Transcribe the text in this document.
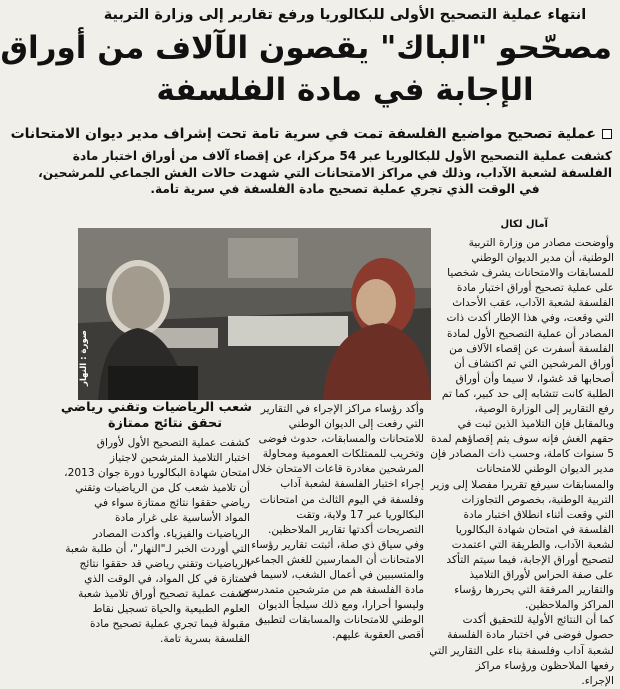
انتهاء عملية التصحيح الأولى للبكالوريا ورفع تقارير إلى وزارة التربية
مصحّحو "الباك" يقصون الآلاف من أوراق
الإجابة في مادة الفلسفة
عملية تصحيح مواضيع الفلسفة تمت في سرية تامة تحت إشراف مدير ديوان الامتحانات
كشفت عملية التصحيح الأول للبكالوريا عبر 54 مركزا، عن إقصاء آلاف من أوراق اختبار مادة
الفلسفة لشعبة الآداب، وذلك في مراكز الامتحانات التي شهدت حالات الغش الجماعي للمرشحين،
في الوقت الذي تجري عملية تصحيح مادة الفلسفة في سرية تامة.
آمال لكال
وأوضحت مصادر من وزارة التربية
الوطنية، أن مدير الديوان الوطني
للمسابقات والامتحانات يشرف شخصيا
على عملية تصحيح أوراق اختبار مادة
الفلسفة لشعبة الآداب، عقب الأحداث
التي وقعت، وفي هذا الإطار أكدت ذات
المصادر أن عملية التصحيح الأول لمادة
الفلسفة أسفرت عن إقصاء الآلاف من
أوراق المرشحين التي تم اكتشاف أن
أصحابها قد غشوا، لا سيما وأن أوراق
الطلبة كانت تتشابه إلى حد كبير، كما تم
رفع التقارير إلى الوزارة الوصية،
وبالمقابل فإن التلاميذ الذين ثبت في
حقهم الغش فإنه سوف يتم إقصاؤهم لمدة
5 سنوات كاملة، وحسب ذات المصادر فإن
مدير الديوان الوطني للامتحانات
والمسابقات سيرفع تقريرا مفصلا إلى وزير
التربية الوطنية، بخصوص التجاوزات
التي وقعت أثناء انطلاق اختبار مادة
الفلسفة في امتحان شهادة البكالوريا
لشعبة الآداب، والطريقة التي اعتمدت
لتصحيح أوراق الإجابة، فيما سيتم التأكد
على صفة الحراس لأوراق التلاميذ
والتقارير المرفقة التي يحررها رؤساء
المراكز والملاحظين.
كما أن النتائج الأولية للتحقيق أكدت
حصول فوضى في اختبار مادة الفلسفة
لشعبة آداب وفلسفة بناء على التقارير التي
رفعها الملاحظون ورؤساء مراكز
الإجراء.
صورة : النهار
وأكد رؤساء مراكز الإجراء في التقارير
التي رفعت إلى الديوان الوطني
للامتحانات والمسابقات، حدوث فوضى
وتخريب للممتلكات العمومية ومحاولة
المرشحين مغادرة قاعات الامتحان خلال
إجراء اختبار الفلسفة لشعبة آداب
وفلسفة في اليوم الثالث من امتحانات
البكالوريا عبر 17 ولاية، وتقت
التصريحات أكدتها تقارير الملاحظين.
وفي سياق ذي صلة، أثبتت تقارير رؤساء
الامتحانات أن الممارسين للغش الجماعي
والمتسببين في أعمال الشغب، لاسيما في
مادة الفلسفة هم من مترشحين متمدرسين
وليسوا أحرارا، ومع ذلك سيلجأ الديوان
الوطني للامتحانات والمسابقات لتطبيق
أقصى العقوبة عليهم.
شعب الرياضيات وتقني رياضي
تحقق نتائج ممتازة
كشفت عملية التصحيح الأول لأوراق
اختبار التلاميذ المترشحين لاجتياز
امتحان شهادة البكالوريا دورة جوان 2013،
أن تلاميذ شعب كل من الرياضيات وتقني
رياضي حققوا نتائج ممتازة سواء في
المواد الأساسية على غرار مادة
الرياضيات والفيزياء. وأكدت المصادر
التي أوردت الخبر لـ"النهار"، أن طلبة شعبة
الرياضيات وتقني رياضي قد حققوا نتائج
ممتازة في كل المواد، في الوقت الذي
كشفت عملية تصحيح أوراق تلاميذ شعبة
العلوم الطبيعية والحياة تسجيل نقاط
مقبولة فيما تجري عملية تصحيح مادة
الفلسفة بسرية تامة.
